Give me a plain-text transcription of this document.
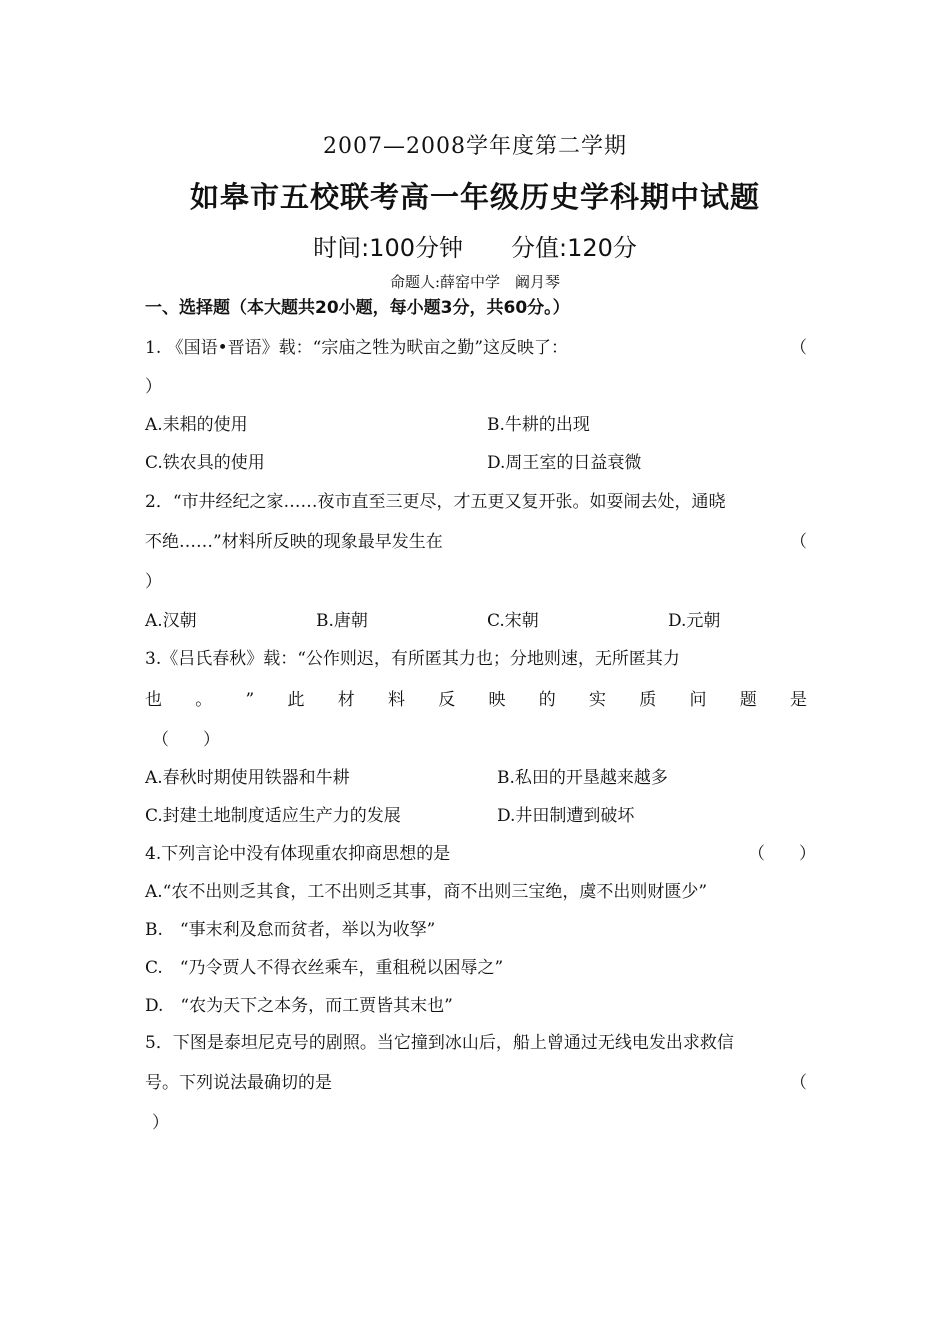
2007—2008学年度第二学期
如皋市五校联考高一年级历史学科期中试题
时间:100分钟　　分值:120分
命题人:薛窑中学　阚月琴
一、选择题（本大题共20小题，每小题3分，共60分。）
1. 《国语•晋语》载：“宗庙之牲为畎亩之勤”这反映了：	（
）
A.耒耜的使用	B.牛耕的出现
C.铁农具的使用	D.周王室的日益衰微
2．“市井经纪之家……夜市直至三更尽，才五更又复开张。如耍闹去处，通晓
不绝……”材料所反映的现象最早发生在	（
）
A.汉朝	B.唐朝	C.宋朝	D.元朝
3.《吕氏春秋》载：“公作则迟，有所匿其力也；分地则速，无所匿其力
也 。 ” 此 材 料 反 映 的 实 质 问 题 是
（　　）
A.春秋时期使用铁器和牛耕	B.私田的开垦越来越多
C.封建土地制度适应生产力的发展	D.井田制遭到破坏
4.下列言论中没有体现重农抑商思想的是	（　　）
A.“农不出则乏其食，工不出则乏其事，商不出则三宝绝，虞不出则财匮少”
B.　“事末利及怠而贫者，举以为收孥”
C.　“乃令贾人不得衣丝乘车，重租税以困辱之”
D.　“农为天下之本务，而工贾皆其末也”
5．下图是泰坦尼克号的剧照。当它撞到冰山后，船上曾通过无线电发出求救信
号。下列说法最确切的是	（
）
